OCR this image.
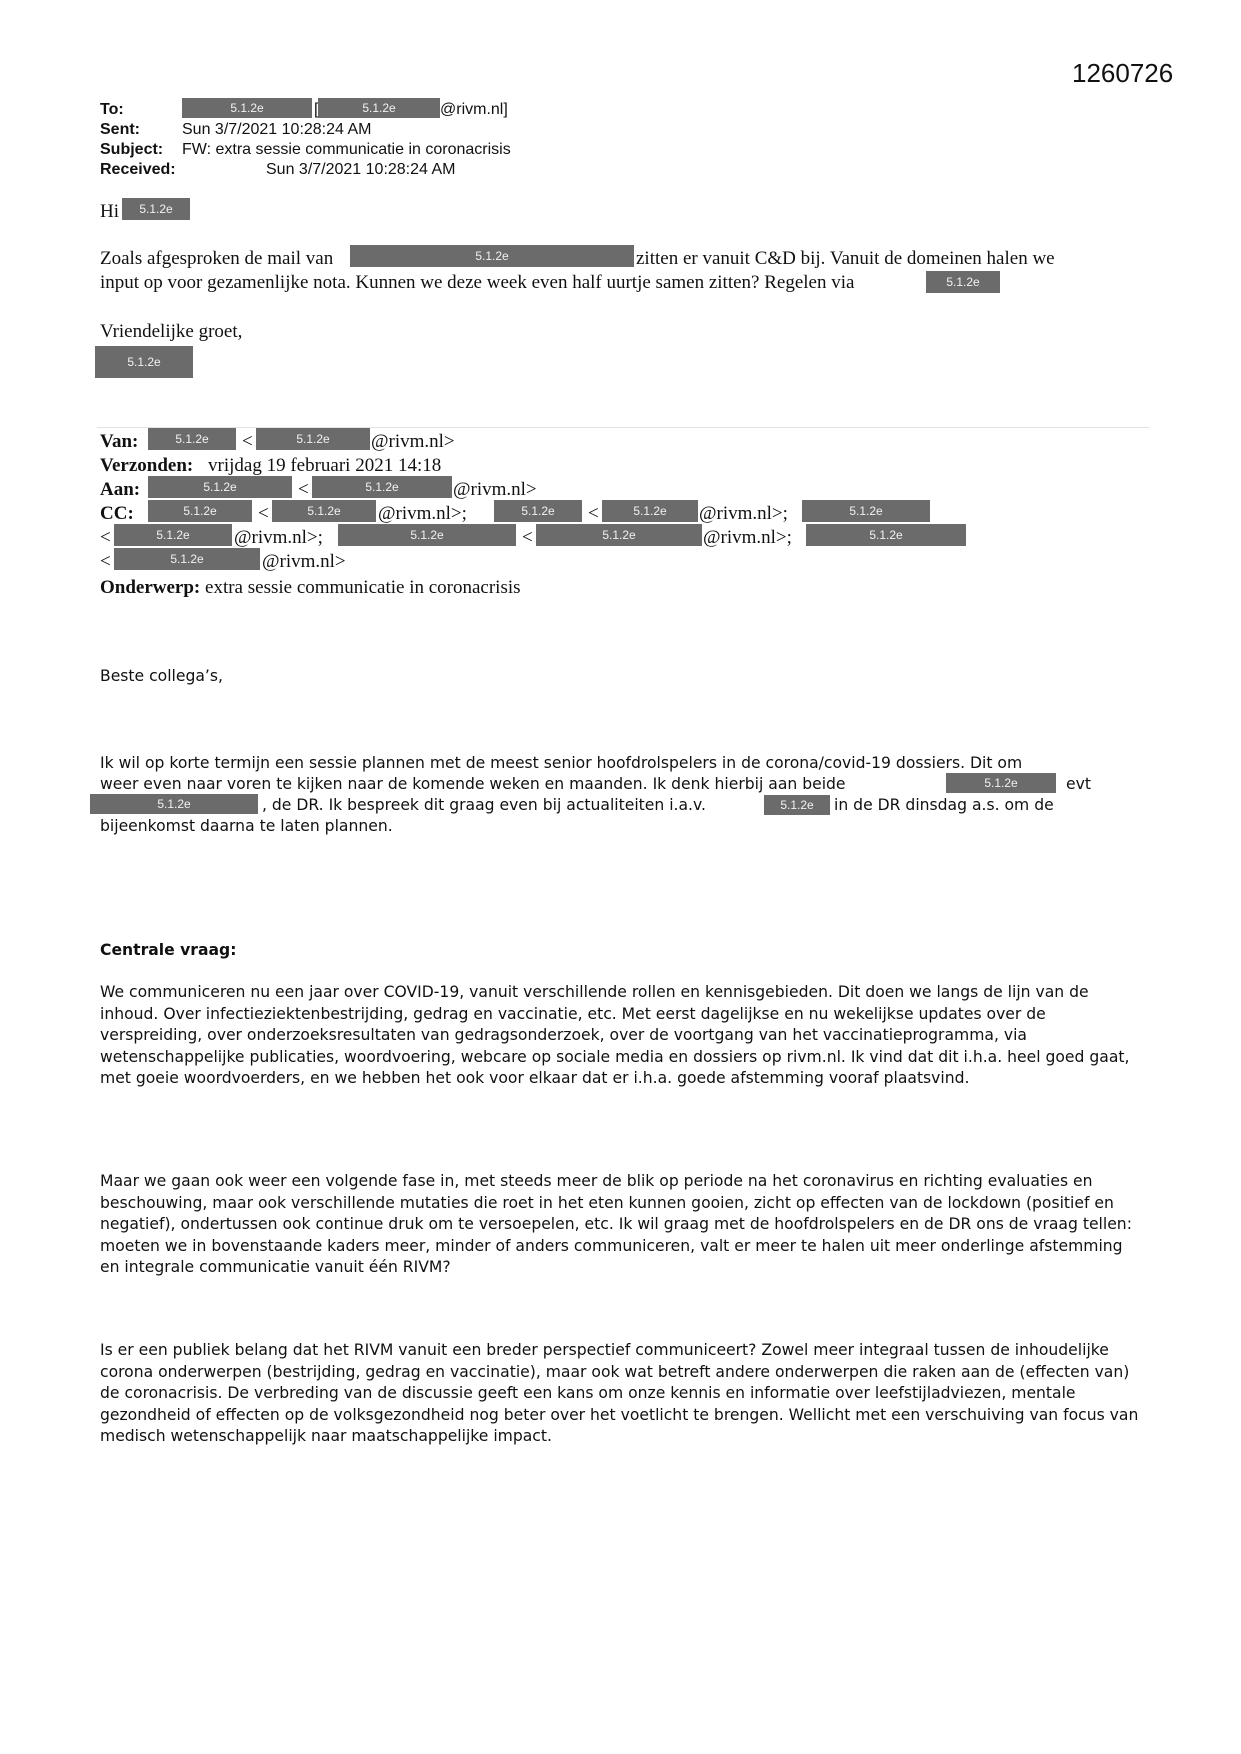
1260726
To:	5.1.2e	[	5.1.2e	@rivm.nl]
Sent:	Sun 3/7/2021 10:28:24 AM
Subject: FW: extra sessie communicatie in coronacrisis
Received:	Sun 3/7/2021 10:28:24 AM
Hi	5.1.2e
Zoals afgesproken de mail van	5.1.2e	zitten er vanuit C&D bij. Vanuit de domeinen halen we
input op voor gezamenlijke nota. Kunnen we deze week even half uurtje samen zitten? Regelen via	5.1.2e
Vriendelijke groet,
5.1.2e
Van:	5.1.2e	<	5.1.2e	@rivm.nl>
Verzonden: vrijdag 19 februari 2021 14:18
Aan:	5.1.2e	<	5.1.2e	@rivm.nl>
CC:	5.1.2e	<	5.1.2e	@rivm.nl>;	5.1.2e	<	5.1.2e	@rivm.nl>;	5.1.2e
<	5.1.2e	@rivm.nl>;	5.1.2e	<	5.1.2e	@rivm.nl>;	5.1.2e
<	5.1.2e	@rivm.nl>
Onderwerp: extra sessie communicatie in coronacrisis
Beste collega’s,
Ik wil op korte termijn een sessie plannen met de meest senior hoofdrolspelers in de corona/covid-19 dossiers. Dit om
weer even naar voren te kijken naar de komende weken en maanden. Ik denk hierbij aan beide	5.1.2e	evt
5.1.2e	, de DR. Ik bespreek dit graag even bij actualiteiten i.a.v.	5.1.2e	in de DR dinsdag a.s. om de
bijeenkomst daarna te laten plannen.
Centrale vraag:

We communiceren nu een jaar over COVID-19, vanuit verschillende rollen en kennisgebieden. Dit doen we langs de lijn van de inhoud. Over infectieziektenbestrijding, gedrag en vaccinatie, etc. Met eerst dagelijkse en nu wekelijkse updates over de verspreiding, over onderzoeksresultaten van gedragsonderzoek, over de voortgang van het vaccinatieprogramma, via wetenschappelijke publicaties, woordvoering, webcare op sociale media en dossiers op rivm.nl. Ik vind dat dit i.h.a. heel goed gaat, met goeie woordvoerders, en we hebben het ook voor elkaar dat er i.h.a. goede afstemming vooraf plaatsvind.

Maar we gaan ook weer een volgende fase in, met steeds meer de blik op periode na het coronavirus en richting evaluaties en beschouwing, maar ook verschillende mutaties die roet in het eten kunnen gooien, zicht op effecten van de lockdown (positief en negatief), ondertussen ook continue druk om te versoepelen, etc. Ik wil graag met de hoofdrolspelers en de DR ons de vraag tellen: moeten we in bovenstaande kaders meer, minder of anders communiceren, valt er meer te halen uit meer onderlinge afstemming en integrale communicatie vanuit één RIVM?

Is er een publiek belang dat het RIVM vanuit een breder perspectief communiceert? Zowel meer integraal tussen de inhoudelijke corona onderwerpen (bestrijding, gedrag en vaccinatie), maar ook wat betreft andere onderwerpen die raken aan de (effecten van) de coronacrisis. De verbreding van de discussie geeft een kans om onze kennis en informatie over leefstijladviezen, mentale gezondheid of effecten op de volksgezondheid nog beter over het voetlicht te brengen. Wellicht met een verschuiving van focus van medisch wetenschappelijk naar maatschappelijke impact.
